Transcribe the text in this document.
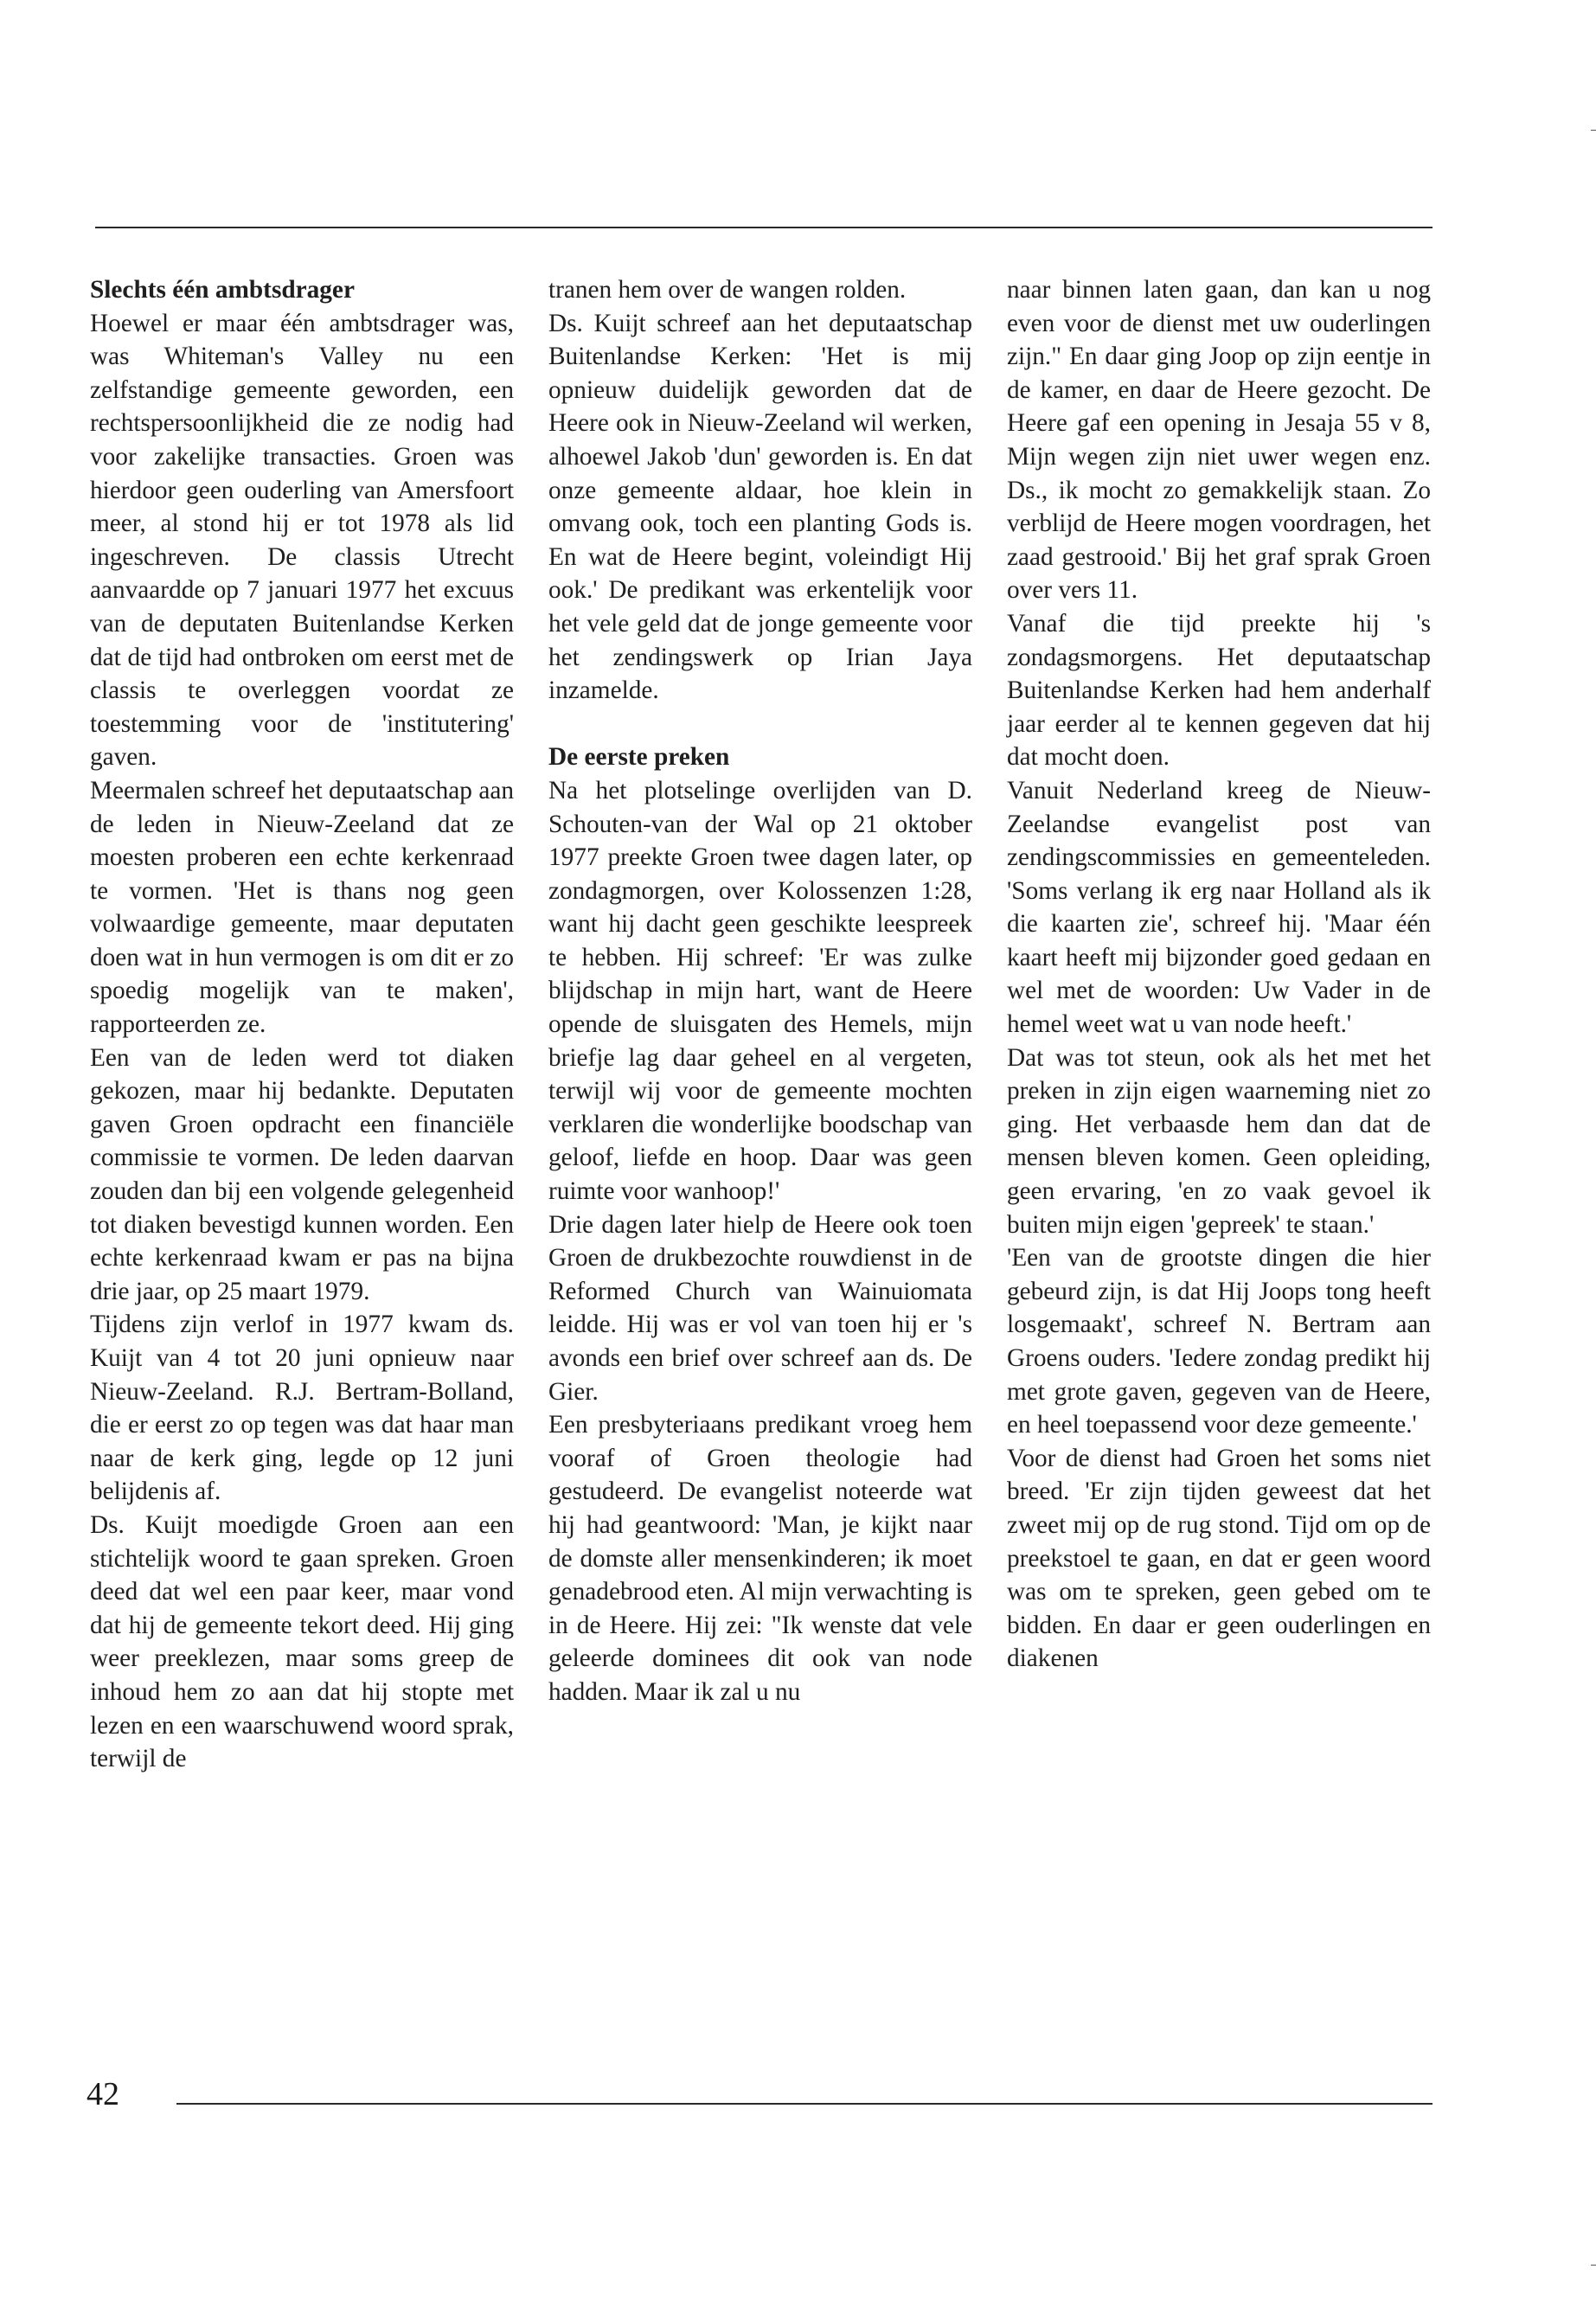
Slechts één ambtsdrager

Hoewel er maar één ambtsdrager was, was Whiteman's Valley nu een zelfstandige gemeente geworden, een rechtspersoonlijkheid die ze nodig had voor zakelijke transacties. Groen was hierdoor geen ouderling van Amersfoort meer, al stond hij er tot 1978 als lid ingeschreven. De classis Utrecht aanvaardde op 7 januari 1977 het excuus van de deputaten Buitenlandse Kerken dat de tijd had ontbroken om eerst met de classis te overleggen voordat ze toestemming voor de 'institutering' gaven.

Meermalen schreef het deputaatschap aan de leden in Nieuw-Zeeland dat ze moesten proberen een echte kerkenraad te vormen. 'Het is thans nog geen volwaardige gemeente, maar deputaten doen wat in hun vermogen is om dit er zo spoedig mogelijk van te maken', rapporteerden ze.

Een van de leden werd tot diaken gekozen, maar hij bedankte. Deputaten gaven Groen opdracht een financiële commissie te vormen. De leden daarvan zouden dan bij een volgende gelegenheid tot diaken bevestigd kunnen worden. Een echte kerkenraad kwam er pas na bijna drie jaar, op 25 maart 1979.

Tijdens zijn verlof in 1977 kwam ds. Kuijt van 4 tot 20 juni opnieuw naar Nieuw-Zeeland. R.J. Bertram-Bolland, die er eerst zo op tegen was dat haar man naar de kerk ging, legde op 12 juni belijdenis af.

Ds. Kuijt moedigde Groen aan een stichtelijk woord te gaan spreken. Groen deed dat wel een paar keer, maar vond dat hij de gemeente tekort deed. Hij ging weer preeklezen, maar soms greep de inhoud hem zo aan dat hij stopte met lezen en een waarschuwend woord sprak, terwijl de

tranen hem over de wangen rolden.

Ds. Kuijt schreef aan het deputaatschap Buitenlandse Kerken: 'Het is mij opnieuw duidelijk geworden dat de Heere ook in Nieuw-Zeeland wil werken, alhoewel Jakob 'dun' geworden is. En dat onze gemeente aldaar, hoe klein in omvang ook, toch een planting Gods is. En wat de Heere begint, voleindigt Hij ook.' De predikant was erkentelijk voor het vele geld dat de jonge gemeente voor het zendingswerk op Irian Jaya inzamelde.

De eerste preken

Na het plotselinge overlijden van D. Schouten-van der Wal op 21 oktober 1977 preekte Groen twee dagen later, op zondagmorgen, over Kolossenzen 1:28, want hij dacht geen geschikte leespreek te hebben. Hij schreef: 'Er was zulke blijdschap in mijn hart, want de Heere opende de sluisgaten des Hemels, mijn briefje lag daar geheel en al vergeten, terwijl wij voor de gemeente mochten verklaren die wonderlijke boodschap van geloof, liefde en hoop. Daar was geen ruimte voor wanhoop!'

Drie dagen later hielp de Heere ook toen Groen de drukbezochte rouwdienst in de Reformed Church van Wainuiomata leidde. Hij was er vol van toen hij er 's avonds een brief over schreef aan ds. De Gier.

Een presbyteriaans predikant vroeg hem vooraf of Groen theologie had gestudeerd. De evangelist noteerde wat hij had geantwoord: 'Man, je kijkt naar de domste aller mensenkinderen; ik moet genadebrood eten. Al mijn verwachting is in de Heere. Hij zei: "Ik wenste dat vele geleerde dominees dit ook van node hadden. Maar ik zal u nu

naar binnen laten gaan, dan kan u nog even voor de dienst met uw ouderlingen zijn." En daar ging Joop op zijn eentje in de kamer, en daar de Heere gezocht. De Heere gaf een opening in Jesaja 55 v 8, Mijn wegen zijn niet uwer wegen enz. Ds., ik mocht zo gemakkelijk staan. Zo verblijd de Heere mogen voordragen, het zaad gestrooid.' Bij het graf sprak Groen over vers 11.

Vanaf die tijd preekte hij 's zondagsmorgens. Het deputaatschap Buitenlandse Kerken had hem anderhalf jaar eerder al te kennen gegeven dat hij dat mocht doen.

Vanuit Nederland kreeg de Nieuw-Zeelandse evangelist post van zendingscommissies en gemeenteleden. 'Soms verlang ik erg naar Holland als ik die kaarten zie', schreef hij. 'Maar één kaart heeft mij bijzonder goed gedaan en wel met de woorden: Uw Vader in de hemel weet wat u van node heeft.'

Dat was tot steun, ook als het met het preken in zijn eigen waarneming niet zo ging. Het verbaasde hem dan dat de mensen bleven komen. Geen opleiding, geen ervaring, 'en zo vaak gevoel ik buiten mijn eigen 'gepreek' te staan.'

'Een van de grootste dingen die hier gebeurd zijn, is dat Hij Joops tong heeft losgemaakt', schreef N. Bertram aan Groens ouders. 'Iedere zondag predikt hij met grote gaven, gegeven van de Heere, en heel toepassend voor deze gemeente.'

Voor de dienst had Groen het soms niet breed. 'Er zijn tijden geweest dat het zweet mij op de rug stond. Tijd om op de preekstoel te gaan, en dat er geen woord was om te spreken, geen gebed om te bidden. En daar er geen ouderlingen en diakenen

42
